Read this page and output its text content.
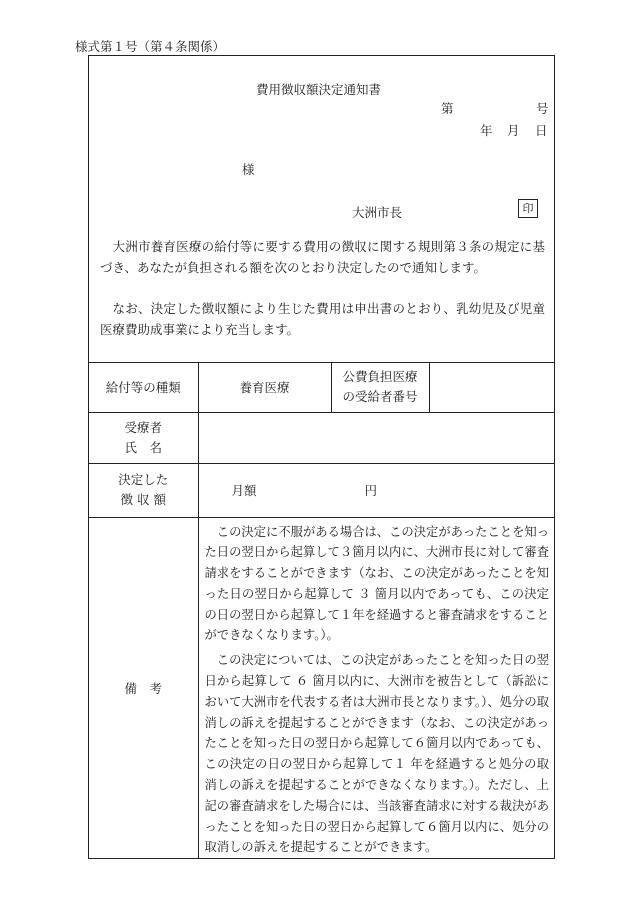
様式第１号（第４条関係）
費用徴収額決定通知書
第	号
年 月 日
様
大洲市長	印

大洲市養育医療の給付等に要する費用の徴収に関する規則第３条の規定に基づき、あなたが負担される額を次のとおり決定したので通知します。

なお、決定した徴収額により生じた費用は申出書のとおり、乳幼児及び児童医療費助成事業により充当します。

給付等の種類	養育医療	公費負担医療
の受給者番号	
受療者
氏　名			
決定した
徴 収 額	月額 円		
備　考	この決定に不服がある場合は、この決定があったことを知った日の翌日から起算して３箇月以内に、大洲市長に対して審査請求をすることができます（なお、この決定があったことを知った日の翌日から起算して ３ 箇月以内であっても、この決定の日の翌日から起算して１年を経過すると審査請求をすることができなくなります。）。

この決定については、この決定があったことを知った日の翌日から起算して ６ 箇月以内に、大洲市を被告として（訴訟において大洲市を代表する者は大洲市長となります。）、処分の取消しの訴えを提起することができます（なお、この決定があったことを知った日の翌日から起算して６箇月以内であっても、この決定の日の翌日から起算して１ 年を経過すると処分の取消しの訴えを提起することができなくなります。）。ただし、上記の審査請求をした場合には、当該審査請求に対する裁決があったことを知った日の翌日から起算して６箇月以内に、処分の取消しの訴えを提起することができます。		
